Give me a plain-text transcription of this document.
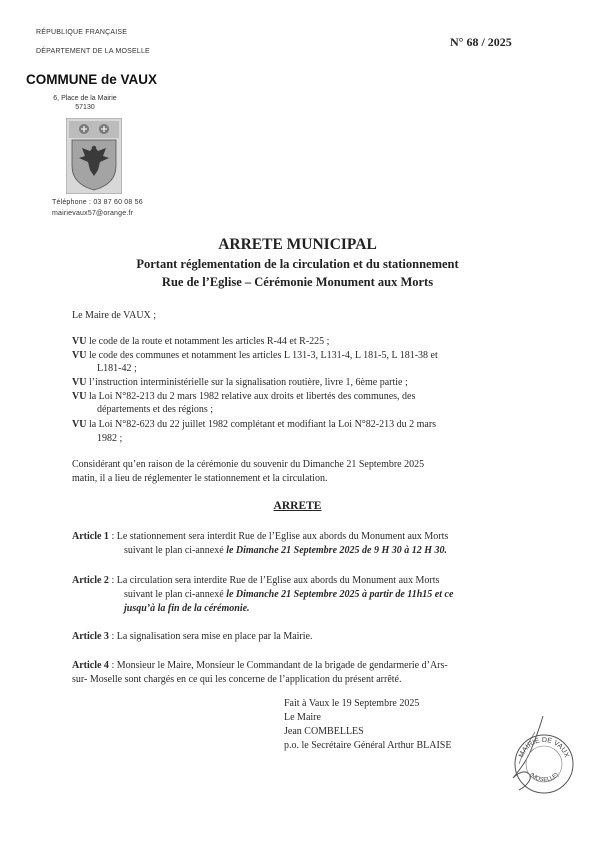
RÉPUBLIQUE FRANÇAISE
DÉPARTEMENT DE LA MOSELLE
COMMUNE de VAUX
6, Place de la Mairie
57130
Téléphone : 03 87 60 08 56
mairievaux57@orange.fr
N° 68 / 2025
ARRETE MUNICIPAL
Portant réglementation de la circulation et du stationnement
Rue de l’Eglise – Cérémonie Monument aux Morts
Le Maire de VAUX ;
VU le code de la route et notamment les articles R-44 et R-225 ;
VU le code des communes et notamment les articles L 131-3, L131-4, L 181-5, L 181-38 et
L181-42 ;
VU l’instruction interministérielle sur la signalisation routière, livre 1, 6ème partie ;
VU la Loi N°82-213 du 2 mars 1982 relative aux droits et libertés des communes, des
départements et des régions ;
VU la Loi N°82-623 du 22 juillet 1982 complétant et modifiant la Loi N°82-213 du 2 mars
1982 ;
Considérant qu’en raison de la cérémonie du souvenir du Dimanche 21 Septembre 2025
matin, il a lieu de réglementer le stationnement et la circulation.
ARRETE
Article 1 : Le stationnement sera interdit Rue de l’Eglise aux abords du Monument aux Morts
suivant le plan ci-annexé le Dimanche 21 Septembre 2025 de 9 H 30 à 12 H 30.
Article 2 : La circulation sera interdite Rue de l’Eglise aux abords du Monument aux Morts
suivant le plan ci-annexé le Dimanche 21 Septembre 2025 à partir de 11h15 et ce
jusqu’à la fin de la cérémonie.
Article 3 : La signalisation sera mise en place par la Mairie.
Article 4 : Monsieur le Maire, Monsieur le Commandant de la brigade de gendarmerie d’Ars-
sur- Moselle sont chargés en ce qui les concerne de l’application du présent arrêté.
Fait à Vaux le 19 Septembre 2025
Le Maire
Jean COMBELLES
p.o. le Secrétaire Général Arthur BLAISE
MAIRIE DE VAUX
(MOSELLE)
